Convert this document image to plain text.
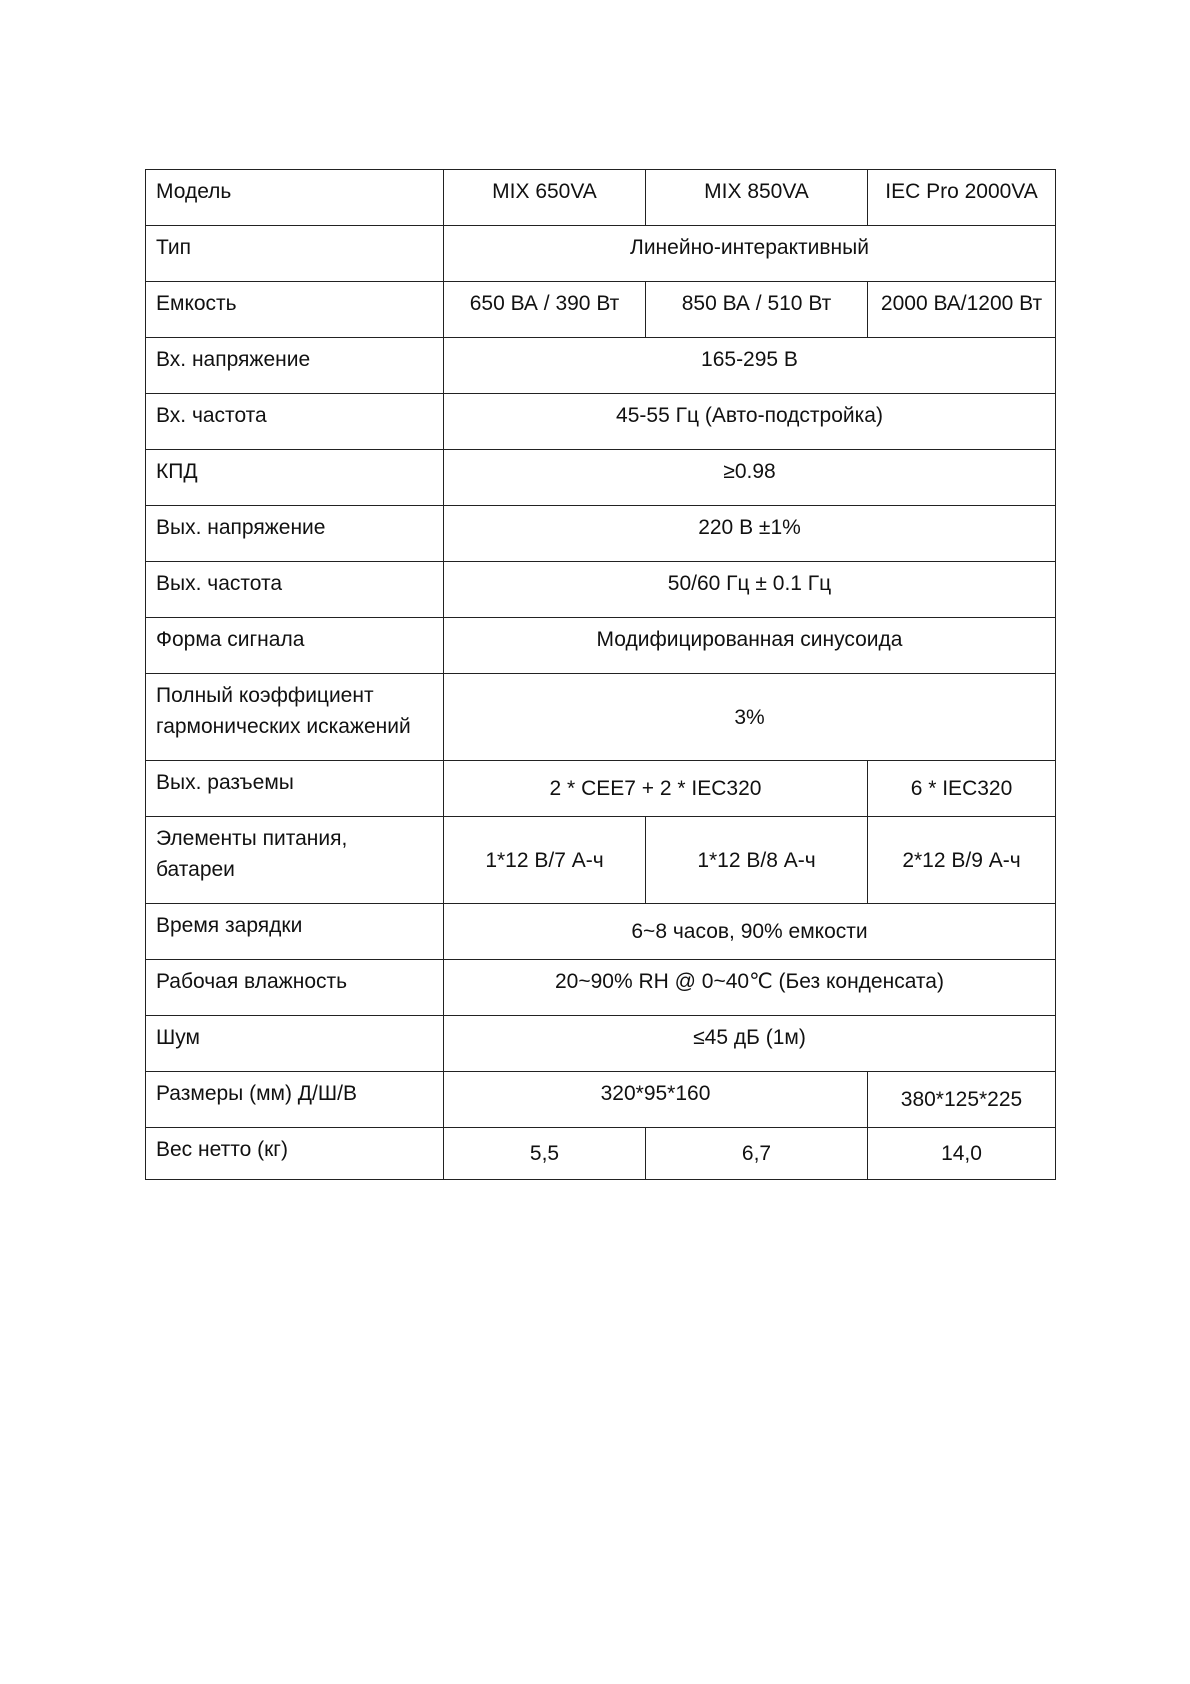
Модель	MIX 650VA	MIX 850VA	IEC Pro 2000VA
Тип	Линейно-интерактивный		
Емкость	650 ВА / 390 Вт	850 ВА / 510 Вт	2000 ВА/1200 Вт
Вх. напряжение	165-295 В		
Вх. частота	45-55 Гц (Авто-подстройка)		
КПД	≥0.98		
Вых. напряжение	220 В ±1%		
Вых. частота	50/60 Гц ± 0.1 Гц		
Форма сигнала	Модифицированная синусоида		

Полный коэффициент
гармонических искажений	3%		
Вых. разъемы	2 * CEE7 + 2 * IEC320		6 * IEC320

Элементы питания,
батареи	1*12 В/7 А-ч	1*12 В/8 А-ч	2*12 В/9 А-ч
Время зарядки	6~8 часов, 90% емкости		
Рабочая влажность	20~90% RH @ 0~40℃ (Без конденсата)		
Шум	≤45 дБ (1м)		
Размеры (мм) Д/Ш/В	320*95*160		380*125*225
Вес нетто (кг)	5,5	6,7	14,0
